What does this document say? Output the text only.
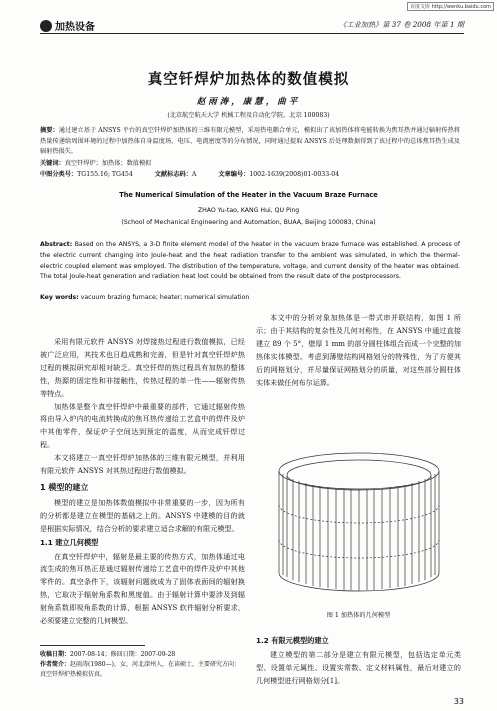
百度文库 http://wenku.baidu.com
加热设备	《工业加热》第 37 卷 2008 年第 1 期
真空钎焊炉加热体的数值模拟
赵雨涛，康慧，曲平
(北京航空航天大学 机械工程及自动化学院，北京 100083)
摘要：通过建立基于 ANSYS 平台的真空钎焊炉加热体的三维有限元模型，采用热电耦合单元，模拟出了该加热体将电能转换为焦耳热并通过辐射传热将热量传递给周围环境的过程中加热体自身温度场、电压、电流密度等的分布情况，同时通过提取 ANSYS 后处理数据得到了该过程中的总体焦耳热生成及辐射热损失。
关键词：真空钎焊炉；加热体；数值模拟
中图分类号：TG155.16; TG454	文献标志码：A	文章编号：1002-1639(2008)01-0033-04
The Numerical Simulation of the Heater in the Vacuum Braze Furnace
ZHAO Yu-tao, KANG Hui, QU Ping
(School of Mechanical Engineering and Automation, BUAA, Beijing 100083, China)
Abstract: Based on the ANSYS, a 3-D finite element model of the heater in the vacuum braze furnace was established. A process of the electric current changing into Joule-heat and the heat radiation transfer to the ambient was simulated, in which the thermal-electric coupled element was employed. The distribution of the temperature, voltage, and current density of the heater was obtained. The total Joule-heat generation and radiation heat lost could be obtained from the result date of the postprocessors.
Key words: vacuum brazing furnace; heater; numerical simulation

采用有限元软件 ANSYS 对焊接热过程进行数值模拟，已经被广泛应用，其技术也日趋成熟和完善，但是针对真空钎焊炉热过程的模拟研究却相对缺乏。真空钎焊的热过程具有加热的整体性，热源的固定性和非接触性，传热过程的单一性——辐射传热等特点。

加热体是整个真空钎焊炉中最重要的部件，它通过辐射传热将由导入炉内的电流转换成的焦耳热传递给工艺盒中的焊件及炉中其他零件，保证炉子空间达到预定的温度，从而完成钎焊过程。

本文将建立一真空钎焊炉加热体的三维有限元模型，并利用有限元软件 ANSYS 对其热过程进行数值模拟。

1 模型的建立

模型的建立是加热体数值模拟中非常重要的一步，因为所有的分析都是建立在模型的基础之上的。ANSYS 中建模的目的就是根据实际情况，结合分析的要求建立适合求解的有限元模型。

1.1 建立几何模型

在真空钎焊炉中，辐射是最主要的传热方式，加热体通过电流生成的焦耳热正是通过辐射传递给工艺盒中的焊件及炉中其他零件的。真空条件下，该辐射问题就成为了固体表面间的辐射换热，它取决于辐射角系数和黑度值。由于辐射计算中要涉及到辐射角系数即视角系数的计算，根据 ANSYS 软件辐射分析要求，必须要建立完整的几何模型。

本文中的分析对象加热体是一带式串并联结构，如图 1 所示；由于其结构的复杂性及几何对称性，在 ANSYS 中通过直接建立 89 个 5°，壁厚 1 mm 的部分圆柱体组合而成一个完整的加热体实体模型。考虑到薄壁结构网格划分的特殊性，为了方便其后的网格划分，并尽量保证网格划分的质量，对这些部分圆柱体实体未做任何布尔运算。

图 1 加热体的几何模型

1.2 有限元模型的建立

建立模型的第二部分是建立有限元模型，包括选定单元类型、设置单元属性、设置实常数、定义材料属性，最后对建立的几何模型进行网格划分[1]。

收稿日期：2007-08-14；修回日期：2007-09-28
作者简介：赵雨涛(1980—)，女，河北滦州人，在读硕士，主要研究方向：真空钎焊炉热模拟仿真。
33
